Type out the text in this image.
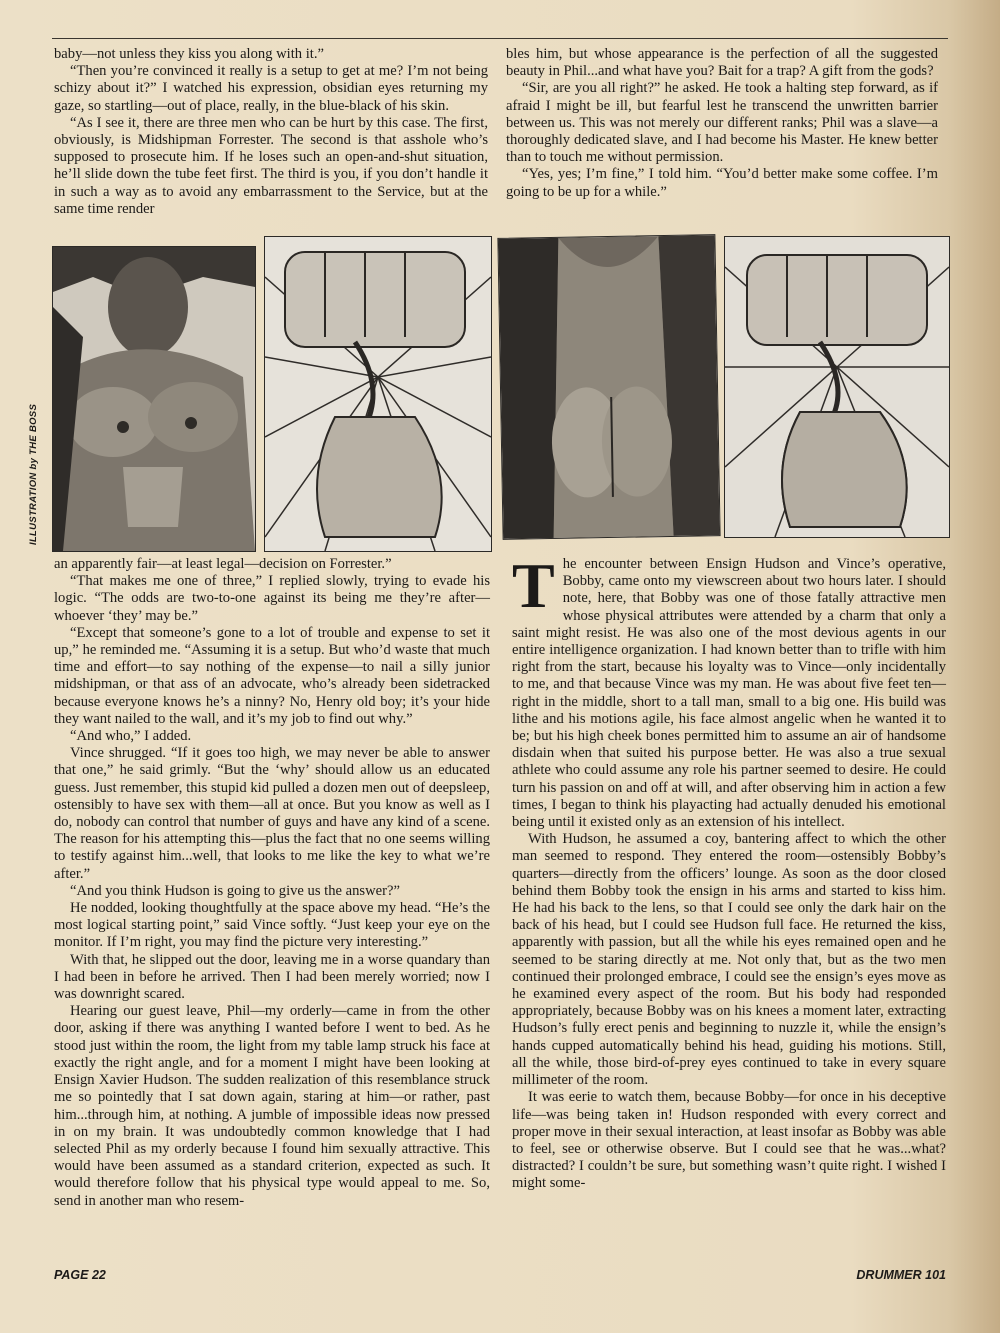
baby—not unless they kiss you along with it.”

“Then you’re convinced it really is a setup to get at me? I’m not being schizy about it?” I watched his expression, obsidian eyes returning my gaze, so startling—out of place, really, in the blue-black of his skin.

“As I see it, there are three men who can be hurt by this case. The first, obviously, is Midshipman Forrester. The second is that asshole who’s supposed to prosecute him. If he loses such an open-and-shut situation, he’ll slide down the tube feet first. The third is you, if you don’t handle it in such a way as to avoid any embarrassment to the Service, but at the same time render

bles him, but whose appearance is the perfection of all the suggested beauty in Phil...and what have you? Bait for a trap? A gift from the gods?

“Sir, are you all right?” he asked. He took a halting step forward, as if afraid I might be ill, but fearful lest he transcend the unwritten barrier between us. This was not merely our different ranks; Phil was a slave—a thoroughly dedicated slave, and I had become his Master. He knew better than to touch me without permission.

“Yes, yes; I’m fine,” I told him. “You’d better make some coffee. I’m going to be up for a while.”

ILLUSTRATION by THE BOSS

an apparently fair—at least legal—decision on Forrester.”

“That makes me one of three,” I replied slowly, trying to evade his logic. “The odds are two-to-one against its being me they’re after—whoever ‘they’ may be.”

“Except that someone’s gone to a lot of trouble and expense to set it up,” he reminded me. “Assuming it is a setup. But who’d waste that much time and effort—to say nothing of the expense—to nail a silly junior midshipman, or that ass of an advocate, who’s already been sidetracked because everyone knows he’s a ninny? No, Henry old boy; it’s your hide they want nailed to the wall, and it’s my job to find out why.”

“And who,” I added.

Vince shrugged. “If it goes too high, we may never be able to answer that one,” he said grimly. “But the ‘why’ should allow us an educated guess. Just remember, this stupid kid pulled a dozen men out of deepsleep, ostensibly to have sex with them—all at once. But you know as well as I do, nobody can control that number of guys and have any kind of a scene. The reason for his attempting this—plus the fact that no one seems willing to testify against him...well, that looks to me like the key to what we’re after.”

“And you think Hudson is going to give us the answer?”

He nodded, looking thoughtfully at the space above my head. “He’s the most logical starting point,” said Vince softly. “Just keep your eye on the monitor. If I’m right, you may find the picture very interesting.”

With that, he slipped out the door, leaving me in a worse quandary than I had been in before he arrived. Then I had been merely worried; now I was downright scared.

Hearing our guest leave, Phil—my orderly—came in from the other door, asking if there was anything I wanted before I went to bed. As he stood just within the room, the light from my table lamp struck his face at exactly the right angle, and for a moment I might have been looking at Ensign Xavier Hudson. The sudden realization of this resemblance struck me so pointedly that I sat down again, staring at him—or rather, past him...through him, at nothing. A jumble of impossible ideas now pressed in on my brain. It was undoubtedly common knowledge that I had selected Phil as my orderly because I found him sexually attractive. This would have been assumed as a standard criterion, expected as such. It would therefore follow that his physical type would appeal to me. So, send in another man who resem-

The encounter between Ensign Hudson and Vince’s operative, Bobby, came onto my viewscreen about two hours later. I should note, here, that Bobby was one of those fatally attractive men whose physical attributes were attended by a charm that only a saint might resist. He was also one of the most devious agents in our entire intelligence organization. I had known better than to trifle with him right from the start, because his loyalty was to Vince—only incidentally to me, and that because Vince was my man. He was about five feet ten—right in the middle, short to a tall man, small to a big one. His build was lithe and his motions agile, his face almost angelic when he wanted it to be; but his high cheek bones permitted him to assume an air of handsome disdain when that suited his purpose better. He was also a true sexual athlete who could assume any role his partner seemed to desire. He could turn his passion on and off at will, and after observing him in action a few times, I began to think his playacting had actually denuded his emotional being until it existed only as an extension of his intellect.

With Hudson, he assumed a coy, bantering affect to which the other man seemed to respond. They entered the room—ostensibly Bobby’s quarters—directly from the officers’ lounge. As soon as the door closed behind them Bobby took the ensign in his arms and started to kiss him. He had his back to the lens, so that I could see only the dark hair on the back of his head, but I could see Hudson full face. He returned the kiss, apparently with passion, but all the while his eyes remained open and he seemed to be staring directly at me. Not only that, but as the two men continued their prolonged embrace, I could see the ensign’s eyes move as he examined every aspect of the room. But his body had responded appropriately, because Bobby was on his knees a moment later, extracting Hudson’s fully erect penis and beginning to nuzzle it, while the ensign’s hands cupped automatically behind his head, guiding his motions. Still, all the while, those bird-of-prey eyes continued to take in every square millimeter of the room.

It was eerie to watch them, because Bobby—for once in his deceptive life—was being taken in! Hudson responded with every correct and proper move in their sexual interaction, at least insofar as Bobby was able to feel, see or otherwise observe. But I could see that he was...what? distracted? I couldn’t be sure, but something wasn’t quite right. I wished I might some-

PAGE 22	DRUMMER 101
